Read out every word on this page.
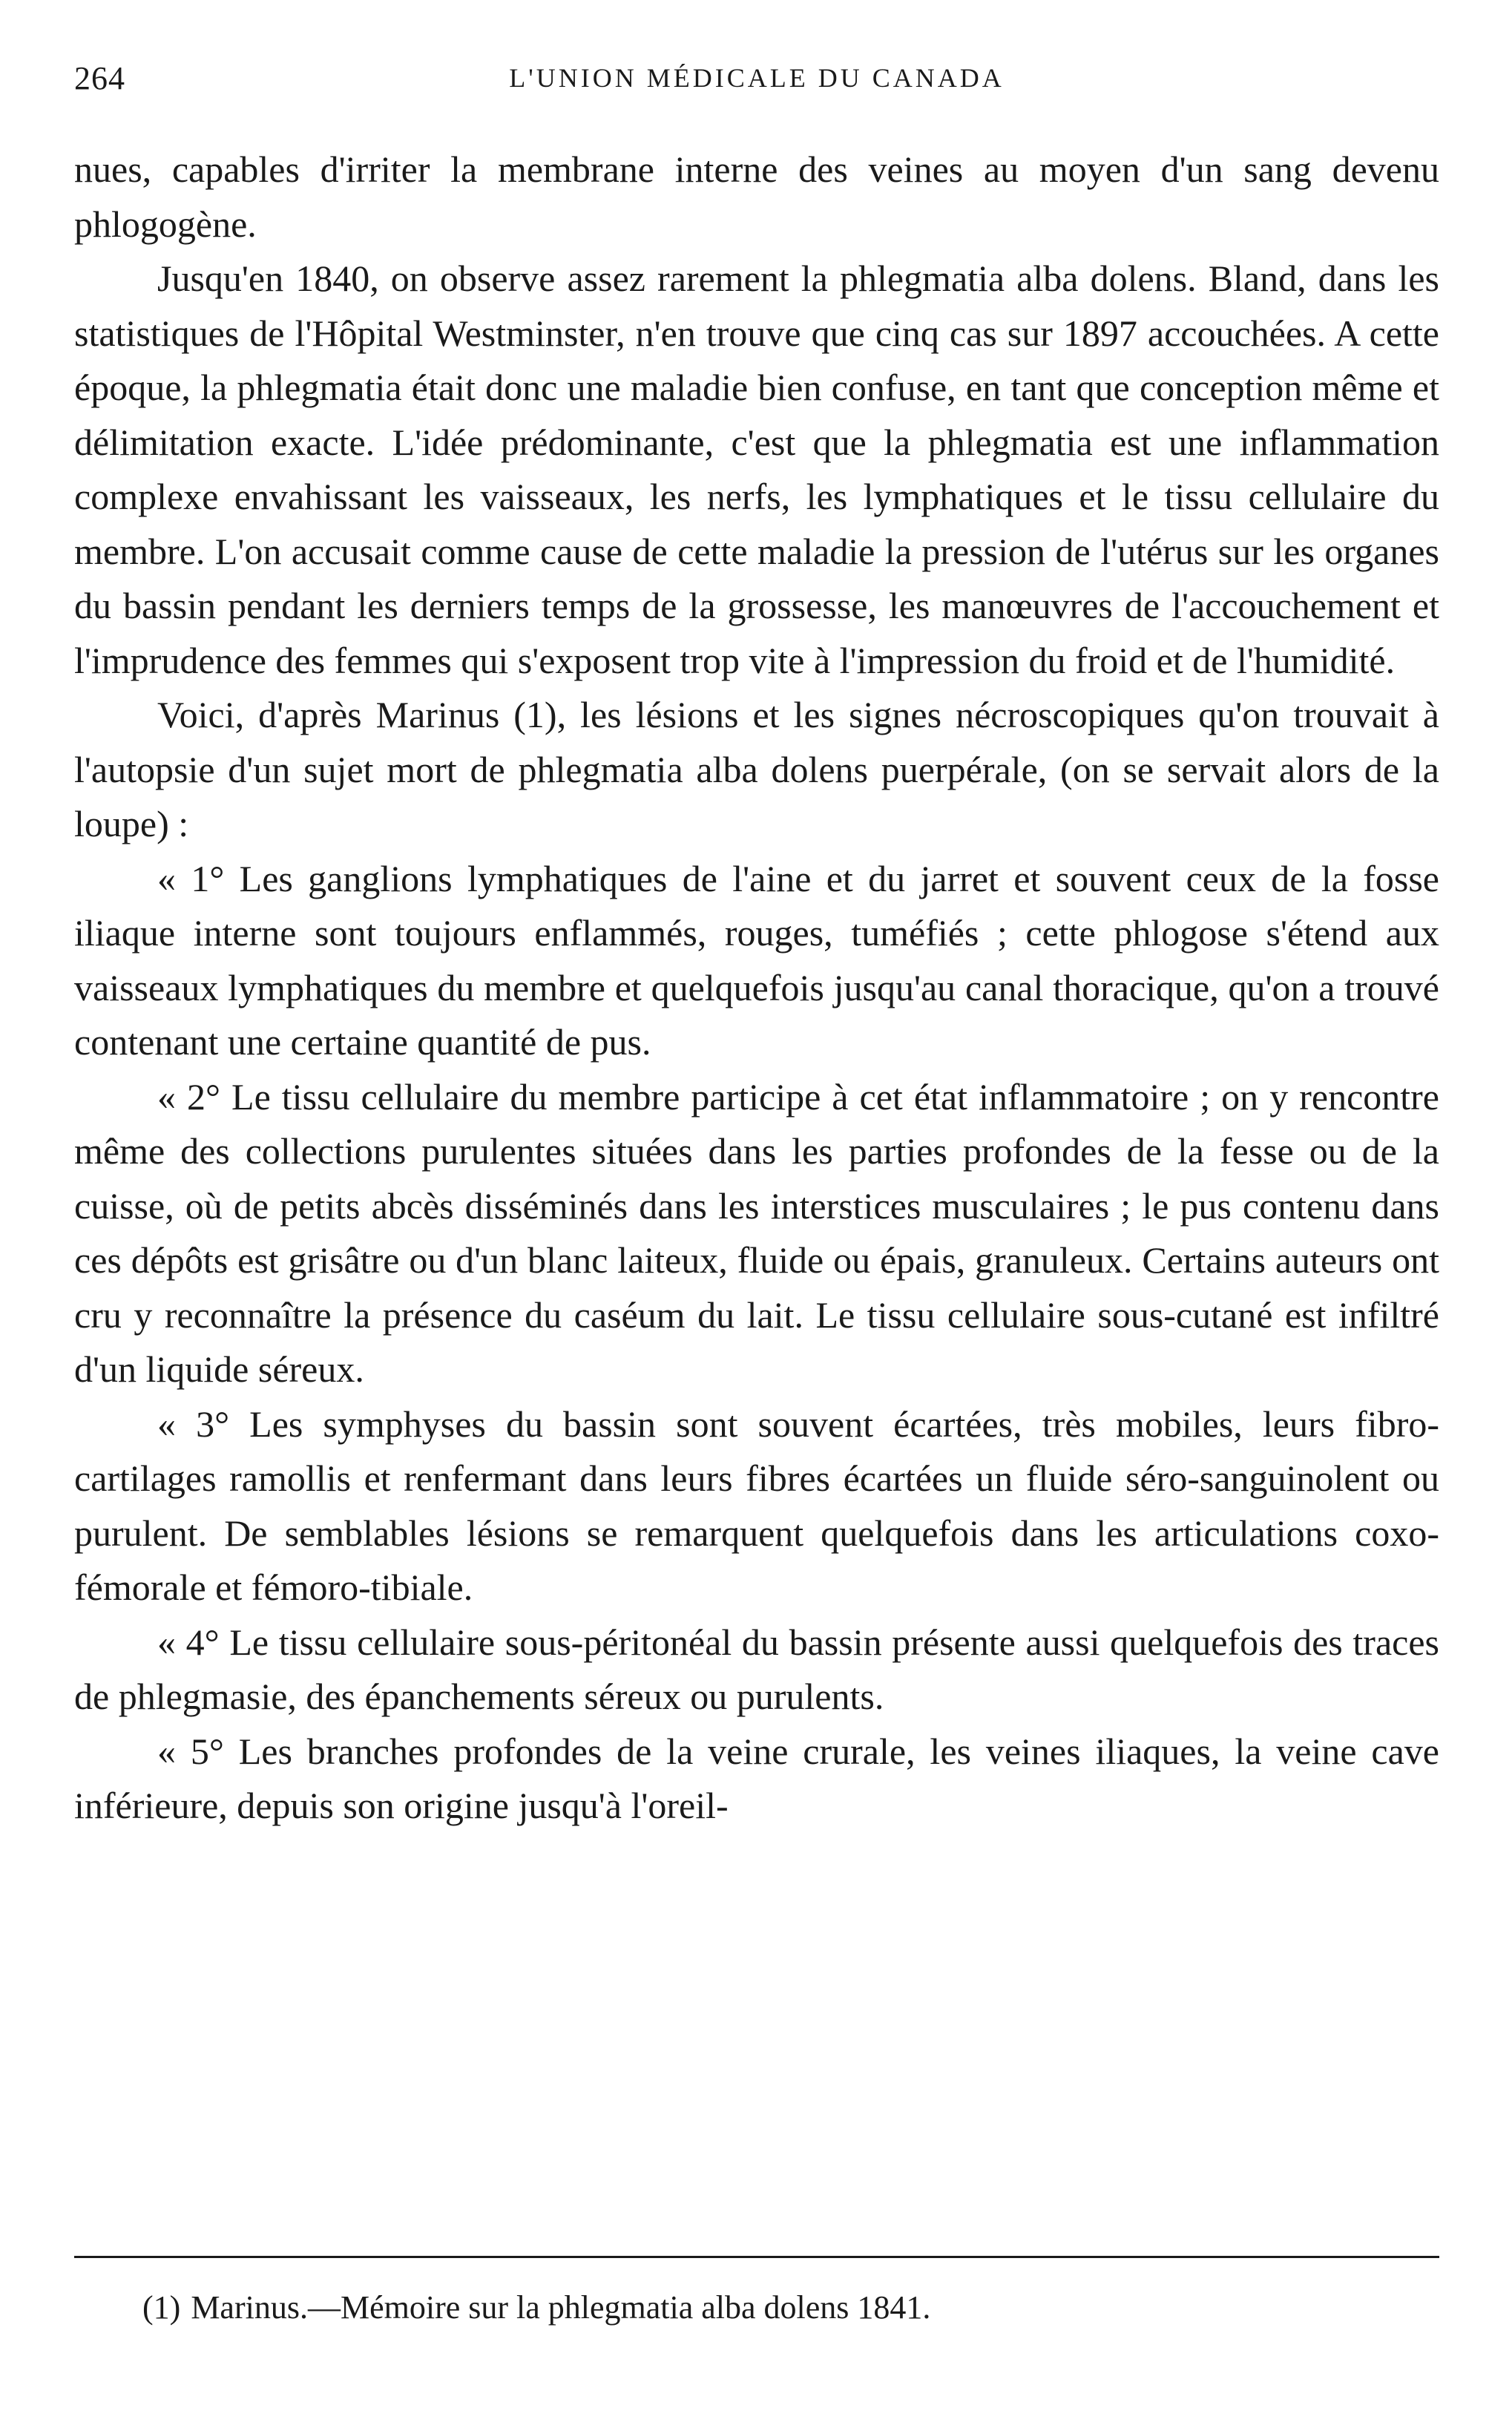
264	L'UNION MÉDICALE DU CANADA

nues, capables d'irriter la membrane interne des veines au moyen d'un sang devenu phlogogène.

Jusqu'en 1840, on observe assez rarement la phlegmatia alba dolens. Bland, dans les statistiques de l'Hôpital Westminster, n'en trouve que cinq cas sur 1897 accouchées. A cette époque, la phlegmatia était donc une maladie bien confuse, en tant que conception même et délimitation exacte. L'idée prédominante, c'est que la phlegmatia est une inflammation complexe envahissant les vaisseaux, les nerfs, les lymphatiques et le tissu cellulaire du membre. L'on accusait comme cause de cette maladie la pression de l'utérus sur les organes du bassin pendant les derniers temps de la grossesse, les manœuvres de l'accouchement et l'imprudence des femmes qui s'exposent trop vite à l'impression du froid et de l'humidité.

Voici, d'après Marinus (1), les lésions et les signes nécroscopiques qu'on trouvait à l'autopsie d'un sujet mort de phlegmatia alba dolens puerpérale, (on se servait alors de la loupe) :

« 1° Les ganglions lymphatiques de l'aine et du jarret et souvent ceux de la fosse iliaque interne sont toujours enflammés, rouges, tuméfiés ; cette phlogose s'étend aux vaisseaux lymphatiques du membre et quelquefois jusqu'au canal thoracique, qu'on a trouvé contenant une certaine quantité de pus.

« 2° Le tissu cellulaire du membre participe à cet état inflammatoire ; on y rencontre même des collections purulentes situées dans les parties profondes de la fesse ou de la cuisse, où de petits abcès disséminés dans les interstices musculaires ; le pus contenu dans ces dépôts est grisâtre ou d'un blanc laiteux, fluide ou épais, granuleux. Certains auteurs ont cru y reconnaître la présence du caséum du lait. Le tissu cellulaire sous-cutané est infiltré d'un liquide séreux.

« 3° Les symphyses du bassin sont souvent écartées, très mobiles, leurs fibro-cartilages ramollis et renfermant dans leurs fibres écartées un fluide séro-sanguinolent ou purulent. De semblables lésions se remarquent quelquefois dans les articulations coxo-fémorale et fémoro-tibiale.

« 4° Le tissu cellulaire sous-péritonéal du bassin présente aussi quelquefois des traces de phlegmasie, des épanchements séreux ou purulents.

« 5° Les branches profondes de la veine crurale, les veines iliaques, la veine cave inférieure, depuis son origine jusqu'à l'oreil-

(1) Marinus.—Mémoire sur la phlegmatia alba dolens 1841.
